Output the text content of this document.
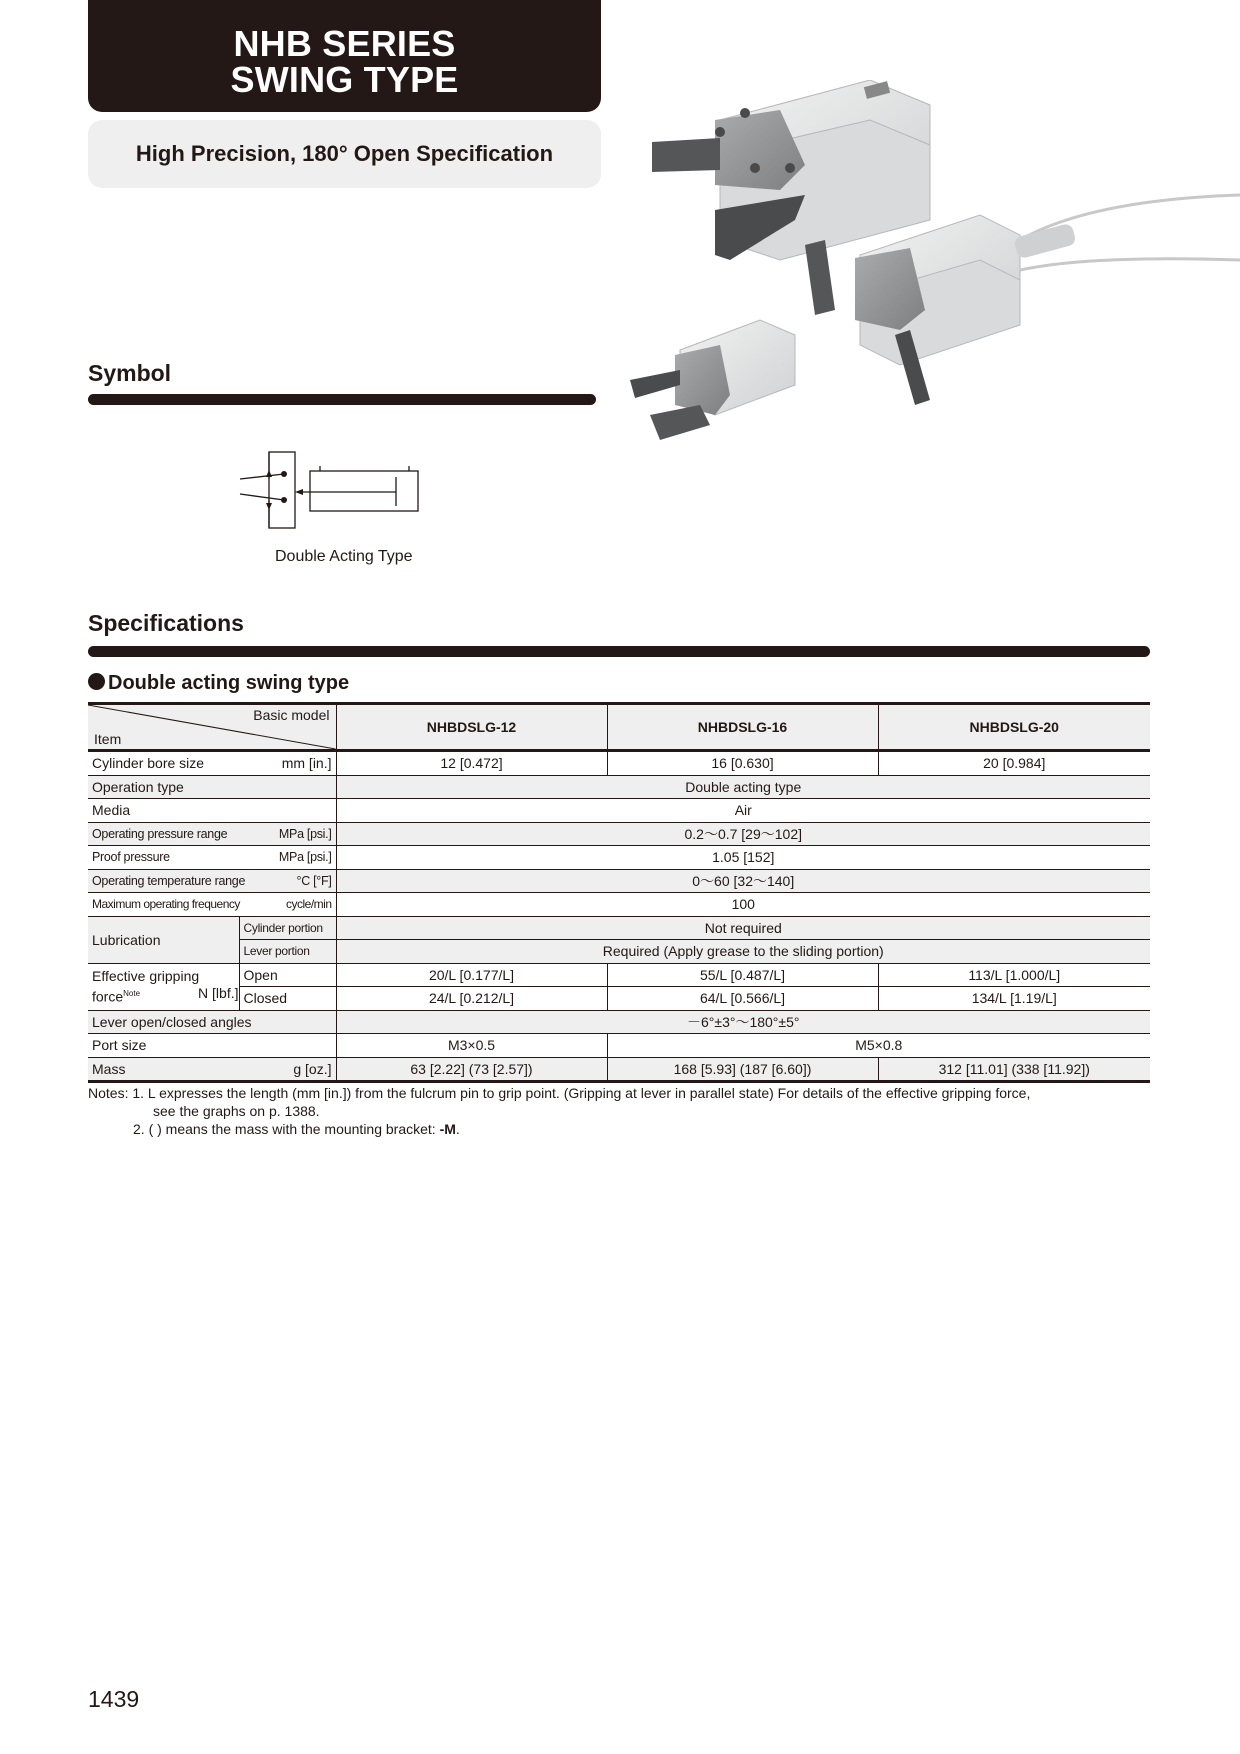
NHB SERIES
SWING TYPE
High Precision, 180° Open Specification
Symbol
Double Acting Type
Specifications
Double acting swing type
Basic model
Item		NHBDSLG-12	NHBDSLG-16	NHBDSLG-20
Cylinder bore size mm [in.]		12 [0.472]	16 [0.630]	20 [0.984]
Operation type		Double acting type		
Media		Air		
Operating pressure range MPa [psi.]		0.2～0.7 [29～102]		
Proof pressure MPa [psi.]		1.05 [152]		
Operating temperature range °C [°F]		0～60 [32～140]		
Maximum operating frequency cycle/min		100		
Lubrication	Cylinder portion	Not required		
	Lever portion	Required (Apply grease to the sliding portion)		

Effective gripping
force$^{Note}$ N [lbf.]	Open	20/L [0.177/L]	55/L [0.487/L]	113/L [1.000/L]
	Closed	24/L [0.212/L]	64/L [0.566/L]	134/L [1.19/L]
Lever open/closed angles		－6°±3°～180°±5°		
Port size		M3×0.5	M5×0.8	
Mass g [oz.]		63 [2.22] (73 [2.57])	168 [5.93] (187 [6.60])	312 [11.01] (338 [11.92])
Notes: 1. L expresses the length (mm [in.]) from the fulcrum pin to grip point. (Gripping at lever in parallel state) For details of the effective gripping force,
see the graphs on p. 1388.
2. ( ) means the mass with the mounting bracket: -M.
1439
